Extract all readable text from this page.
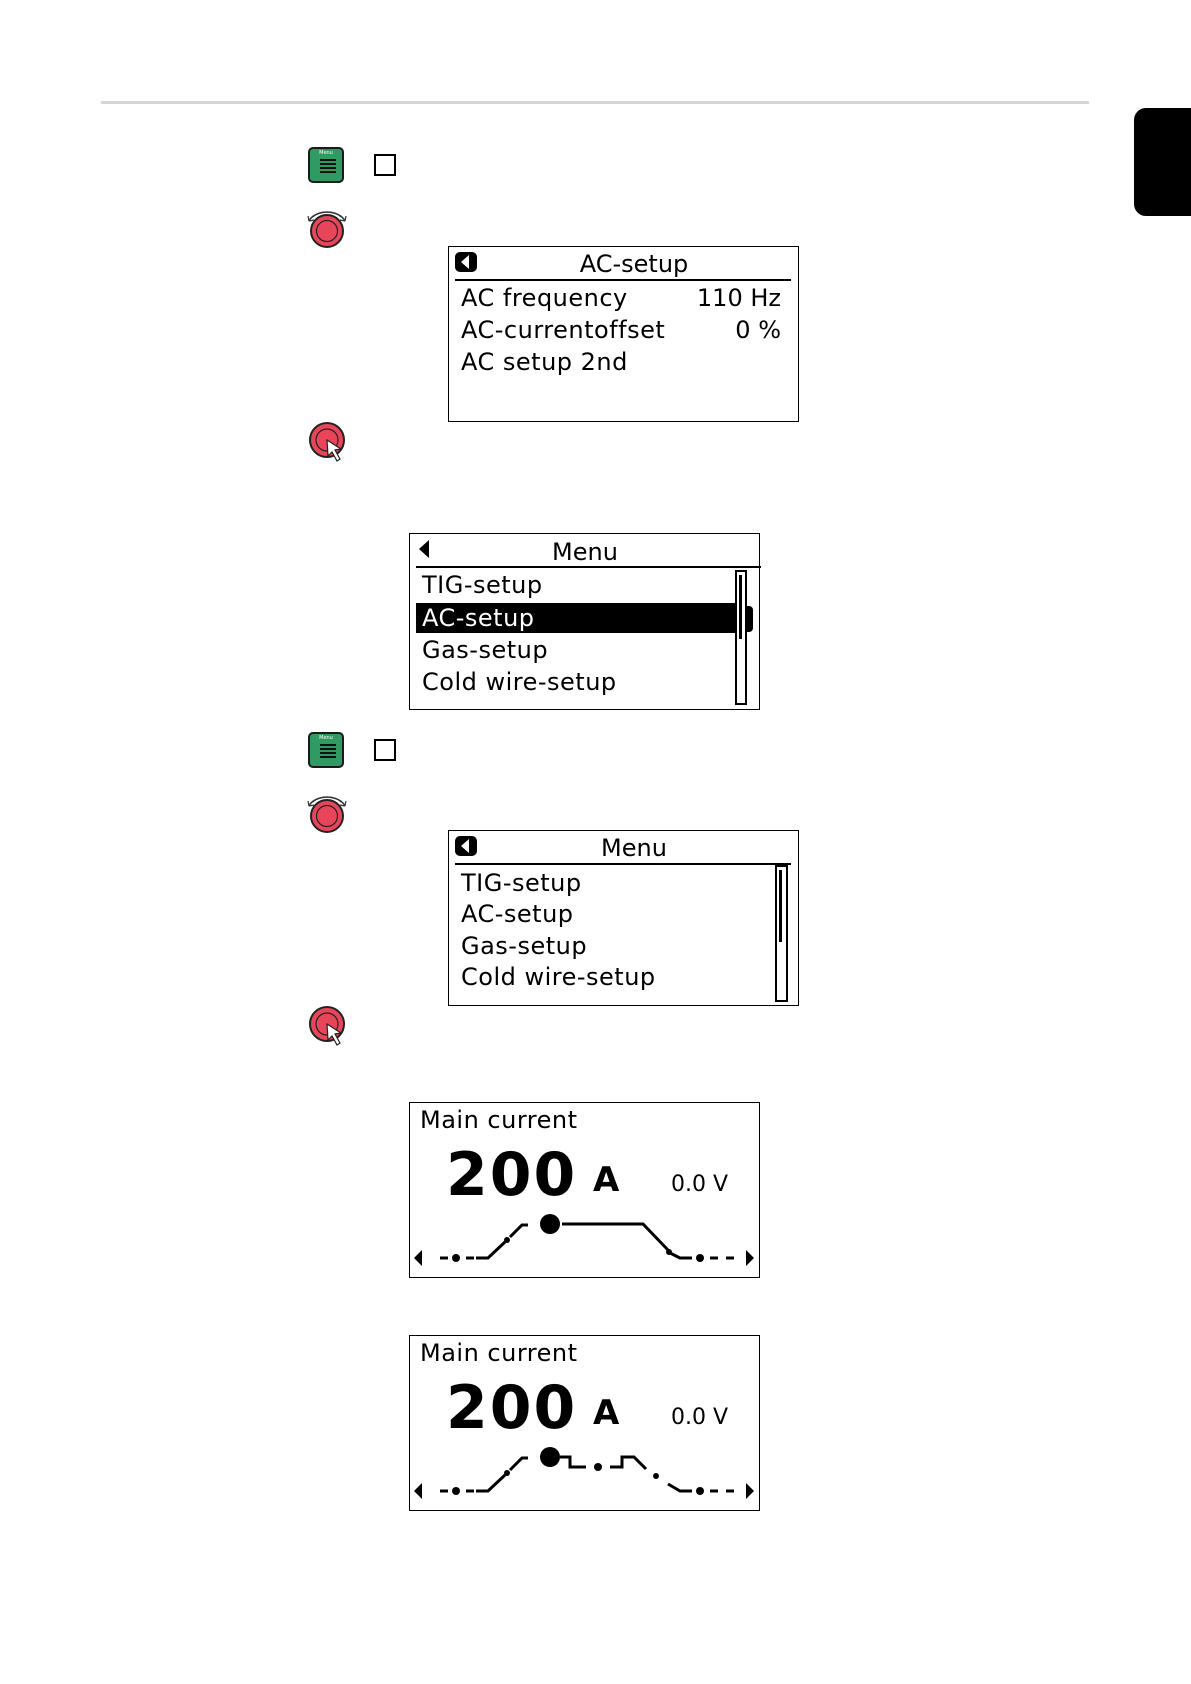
Menu
AC-setup
AC frequency	110 Hz
AC-currentoffset	0 %
AC setup 2nd
Menu
TIG-setup
AC-setup
Gas-setup
Cold wire-setup
Menu
Menu
TIG-setup
AC-setup
Gas-setup
Cold wire-setup
Main current
200 A 0.0 V
Main current
200 A 0.0 V
